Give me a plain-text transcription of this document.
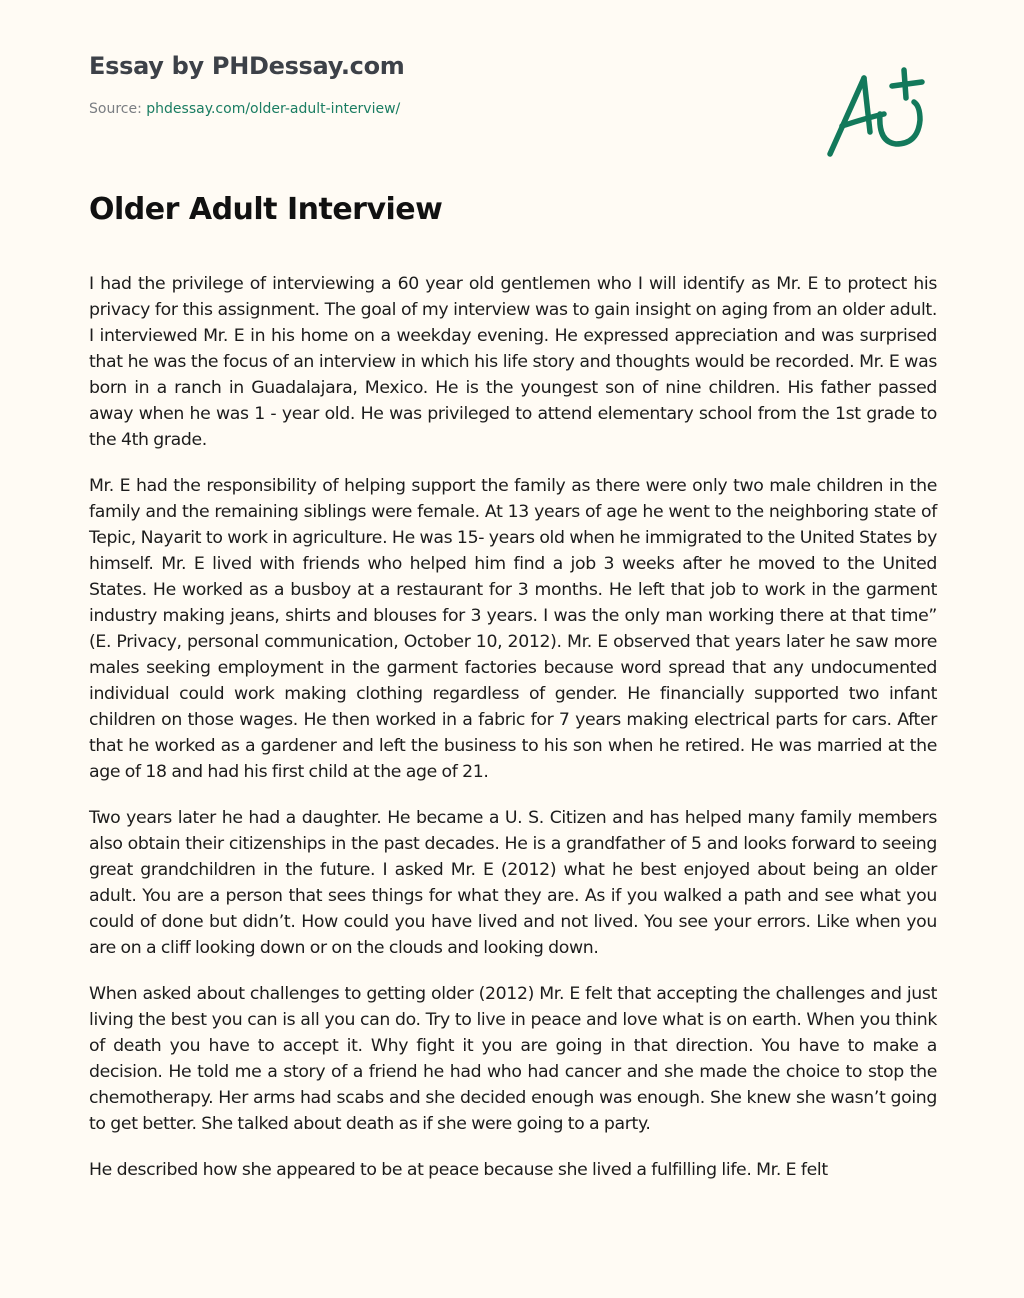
Essay by PHDessay.com
Source: phdessay.com/older-adult-interview/
Older Adult Interview

I had the privilege of interviewing a 60 year old gentlemen who I will identify as Mr. E to protect his privacy for this assignment. The goal of my interview was to gain insight on aging from an older adult. I interviewed Mr. E in his home on a weekday evening. He expressed appreciation and was surprised that he was the focus of an interview in which his life story and thoughts would be recorded. Mr. E was born in a ranch in Guadalajara, Mexico. He is the youngest son of nine children. His father passed away when he was 1 - year old. He was privileged to attend elementary school from the 1st grade to the 4th grade.

Mr. E had the responsibility of helping support the family as there were only two male children in the family and the remaining siblings were female. At 13 years of age he went to the neighboring state of Tepic, Nayarit to work in agriculture. He was 15- years old when he immigrated to the United States by himself. Mr. E lived with friends who helped him find a job 3 weeks after he moved to the United States. He worked as a busboy at a restaurant for 3 months. He left that job to work in the garment industry making jeans, shirts and blouses for 3 years. I was the only man working there at that time” (E. Privacy, personal communication, October 10, 2012). Mr. E observed that years later he saw more males seeking employment in the garment factories because word spread that any undocumented individual could work making clothing regardless of gender. He financially supported two infant children on those wages. He then worked in a fabric for 7 years making electrical parts for cars. After that he worked as a gardener and left the business to his son when he retired. He was married at the age of 18 and had his first child at the age of 21.

Two years later he had a daughter. He became a U. S. Citizen and has helped many family members also obtain their citizenships in the past decades. He is a grandfather of 5 and looks forward to seeing great grandchildren in the future. I asked Mr. E (2012) what he best enjoyed about being an older adult. You are a person that sees things for what they are. As if you walked a path and see what you could of done but didn’t. How could you have lived and not lived. You see your errors. Like when you are on a cliff looking down or on the clouds and looking down.

When asked about challenges to getting older (2012) Mr. E felt that accepting the challenges and just living the best you can is all you can do. Try to live in peace and love what is on earth. When you think of death you have to accept it. Why fight it you are going in that direction. You have to make a decision. He told me a story of a friend he had who had cancer and she made the choice to stop the chemotherapy. Her arms had scabs and she decided enough was enough. She knew she wasn’t going to get better. She talked about death as if she were going to a party.

He described how she appeared to be at peace because she lived a fulfilling life. Mr. E felt
